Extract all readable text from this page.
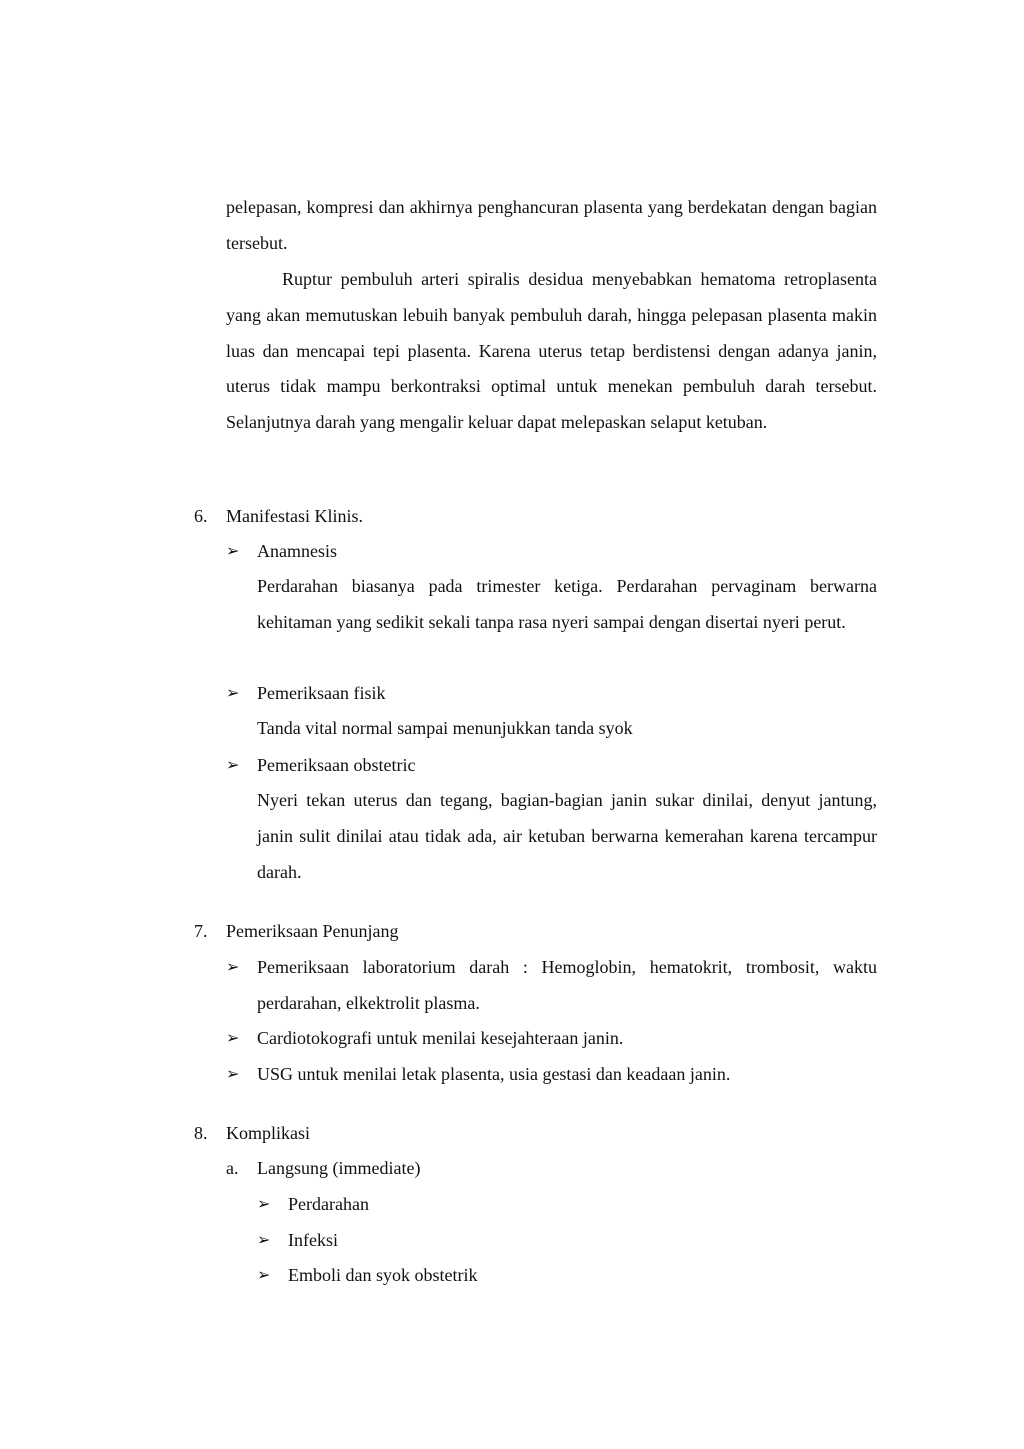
pelepasan, kompresi dan akhirnya penghancuran plasenta yang berdekatan dengan bagian tersebut.

Ruptur pembuluh arteri spiralis desidua menyebabkan hematoma retroplasenta yang akan memutuskan lebuih banyak pembuluh darah, hingga pelepasan plasenta makin luas dan mencapai tepi plasenta. Karena uterus tetap berdistensi dengan adanya janin, uterus tidak mampu berkontraksi optimal untuk menekan pembuluh darah tersebut. Selanjutnya darah yang mengalir keluar dapat melepaskan selaput ketuban.

6. Manifestasi Klinis.
➢ Anamnesis

Perdarahan biasanya pada trimester ketiga. Perdarahan pervaginam berwarna kehitaman yang sedikit sekali tanpa rasa nyeri sampai dengan disertai nyeri perut.

➢ Pemeriksaan fisik

Tanda vital normal sampai menunjukkan tanda syok

➢ Pemeriksaan obstetric

Nyeri tekan uterus dan tegang, bagian-bagian janin sukar dinilai, denyut jantung, janin sulit dinilai atau tidak ada, air ketuban berwarna kemerahan karena tercampur darah.

7. Pemeriksaan Penunjang
➢ Pemeriksaan laboratorium darah : Hemoglobin, hematokrit, trombosit, waktu perdarahan, elkektrolit plasma.
➢ Cardiotokografi untuk menilai kesejahteraan janin.
➢ USG untuk menilai letak plasenta, usia gestasi dan keadaan janin.
8. Komplikasi
a. Langsung (immediate)
➢ Perdarahan
➢ Infeksi
➢ Emboli dan syok obstetrik
